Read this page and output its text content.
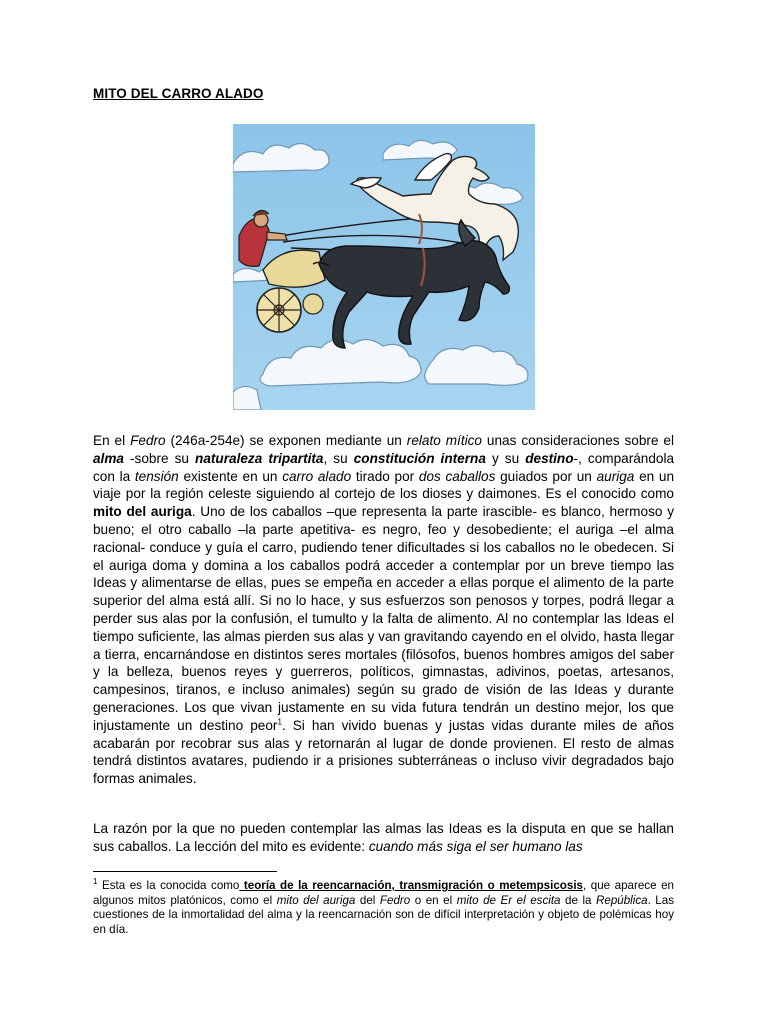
MITO DEL CARRO ALADO
En el Fedro (246a-254e) se exponen mediante un relato mítico unas consideraciones sobre el alma -sobre su naturaleza tripartita, su constitución interna y su destino-, comparándola con la tensión existente en un carro alado tirado por dos caballos guiados por un auriga en un viaje por la región celeste siguiendo al cortejo de los dioses y daimones. Es el conocido como mito del auriga. Uno de los caballos –que representa la parte irascible- es blanco, hermoso y bueno; el otro caballo –la parte apetitiva- es negro, feo y desobediente; el auriga –el alma racional- conduce y guía el carro, pudiendo tener dificultades si los caballos no le obedecen. Si el auriga doma y domina a los caballos podrá acceder a contemplar por un breve tiempo las Ideas y alimentarse de ellas, pues se empeña en acceder a ellas porque el alimento de la parte superior del alma está allí. Si no lo hace, y sus esfuerzos son penosos y torpes, podrá llegar a perder sus alas por la confusión, el tumulto y la falta de alimento. Al no contemplar las Ideas el tiempo suficiente, las almas pierden sus alas y van gravitando cayendo en el olvido, hasta llegar a tierra, encarnándose en distintos seres mortales (filósofos, buenos hombres amigos del saber y la belleza, buenos reyes y guerreros, políticos, gimnastas, adivinos, poetas, artesanos, campesinos, tiranos, e incluso animales) según su grado de visión de las Ideas y durante generaciones. Los que vivan justamente en su vida futura tendrán un destino mejor, los que injustamente un destino peor$^1$. Si han vivido buenas y justas vidas durante miles de años acabarán por recobrar sus alas y retornarán al lugar de donde provienen. El resto de almas tendrá distintos avatares, pudiendo ir a prisiones subterráneas o incluso vivir degradados bajo formas animales.
La razón por la que no pueden contemplar las almas las Ideas es la disputa en que se hallan sus caballos. La lección del mito es evidente: cuando más siga el ser humano las
$^1$ Esta es la conocida como teoría de la reencarnación, transmigración o metempsicosis, que aparece en algunos mitos platónicos, como el mito del auriga del Fedro o en el mito de Er el escita de la República. Las cuestiones de la inmortalidad del alma y la reencarnación son de difícil interpretación y objeto de polémicas hoy en día.
